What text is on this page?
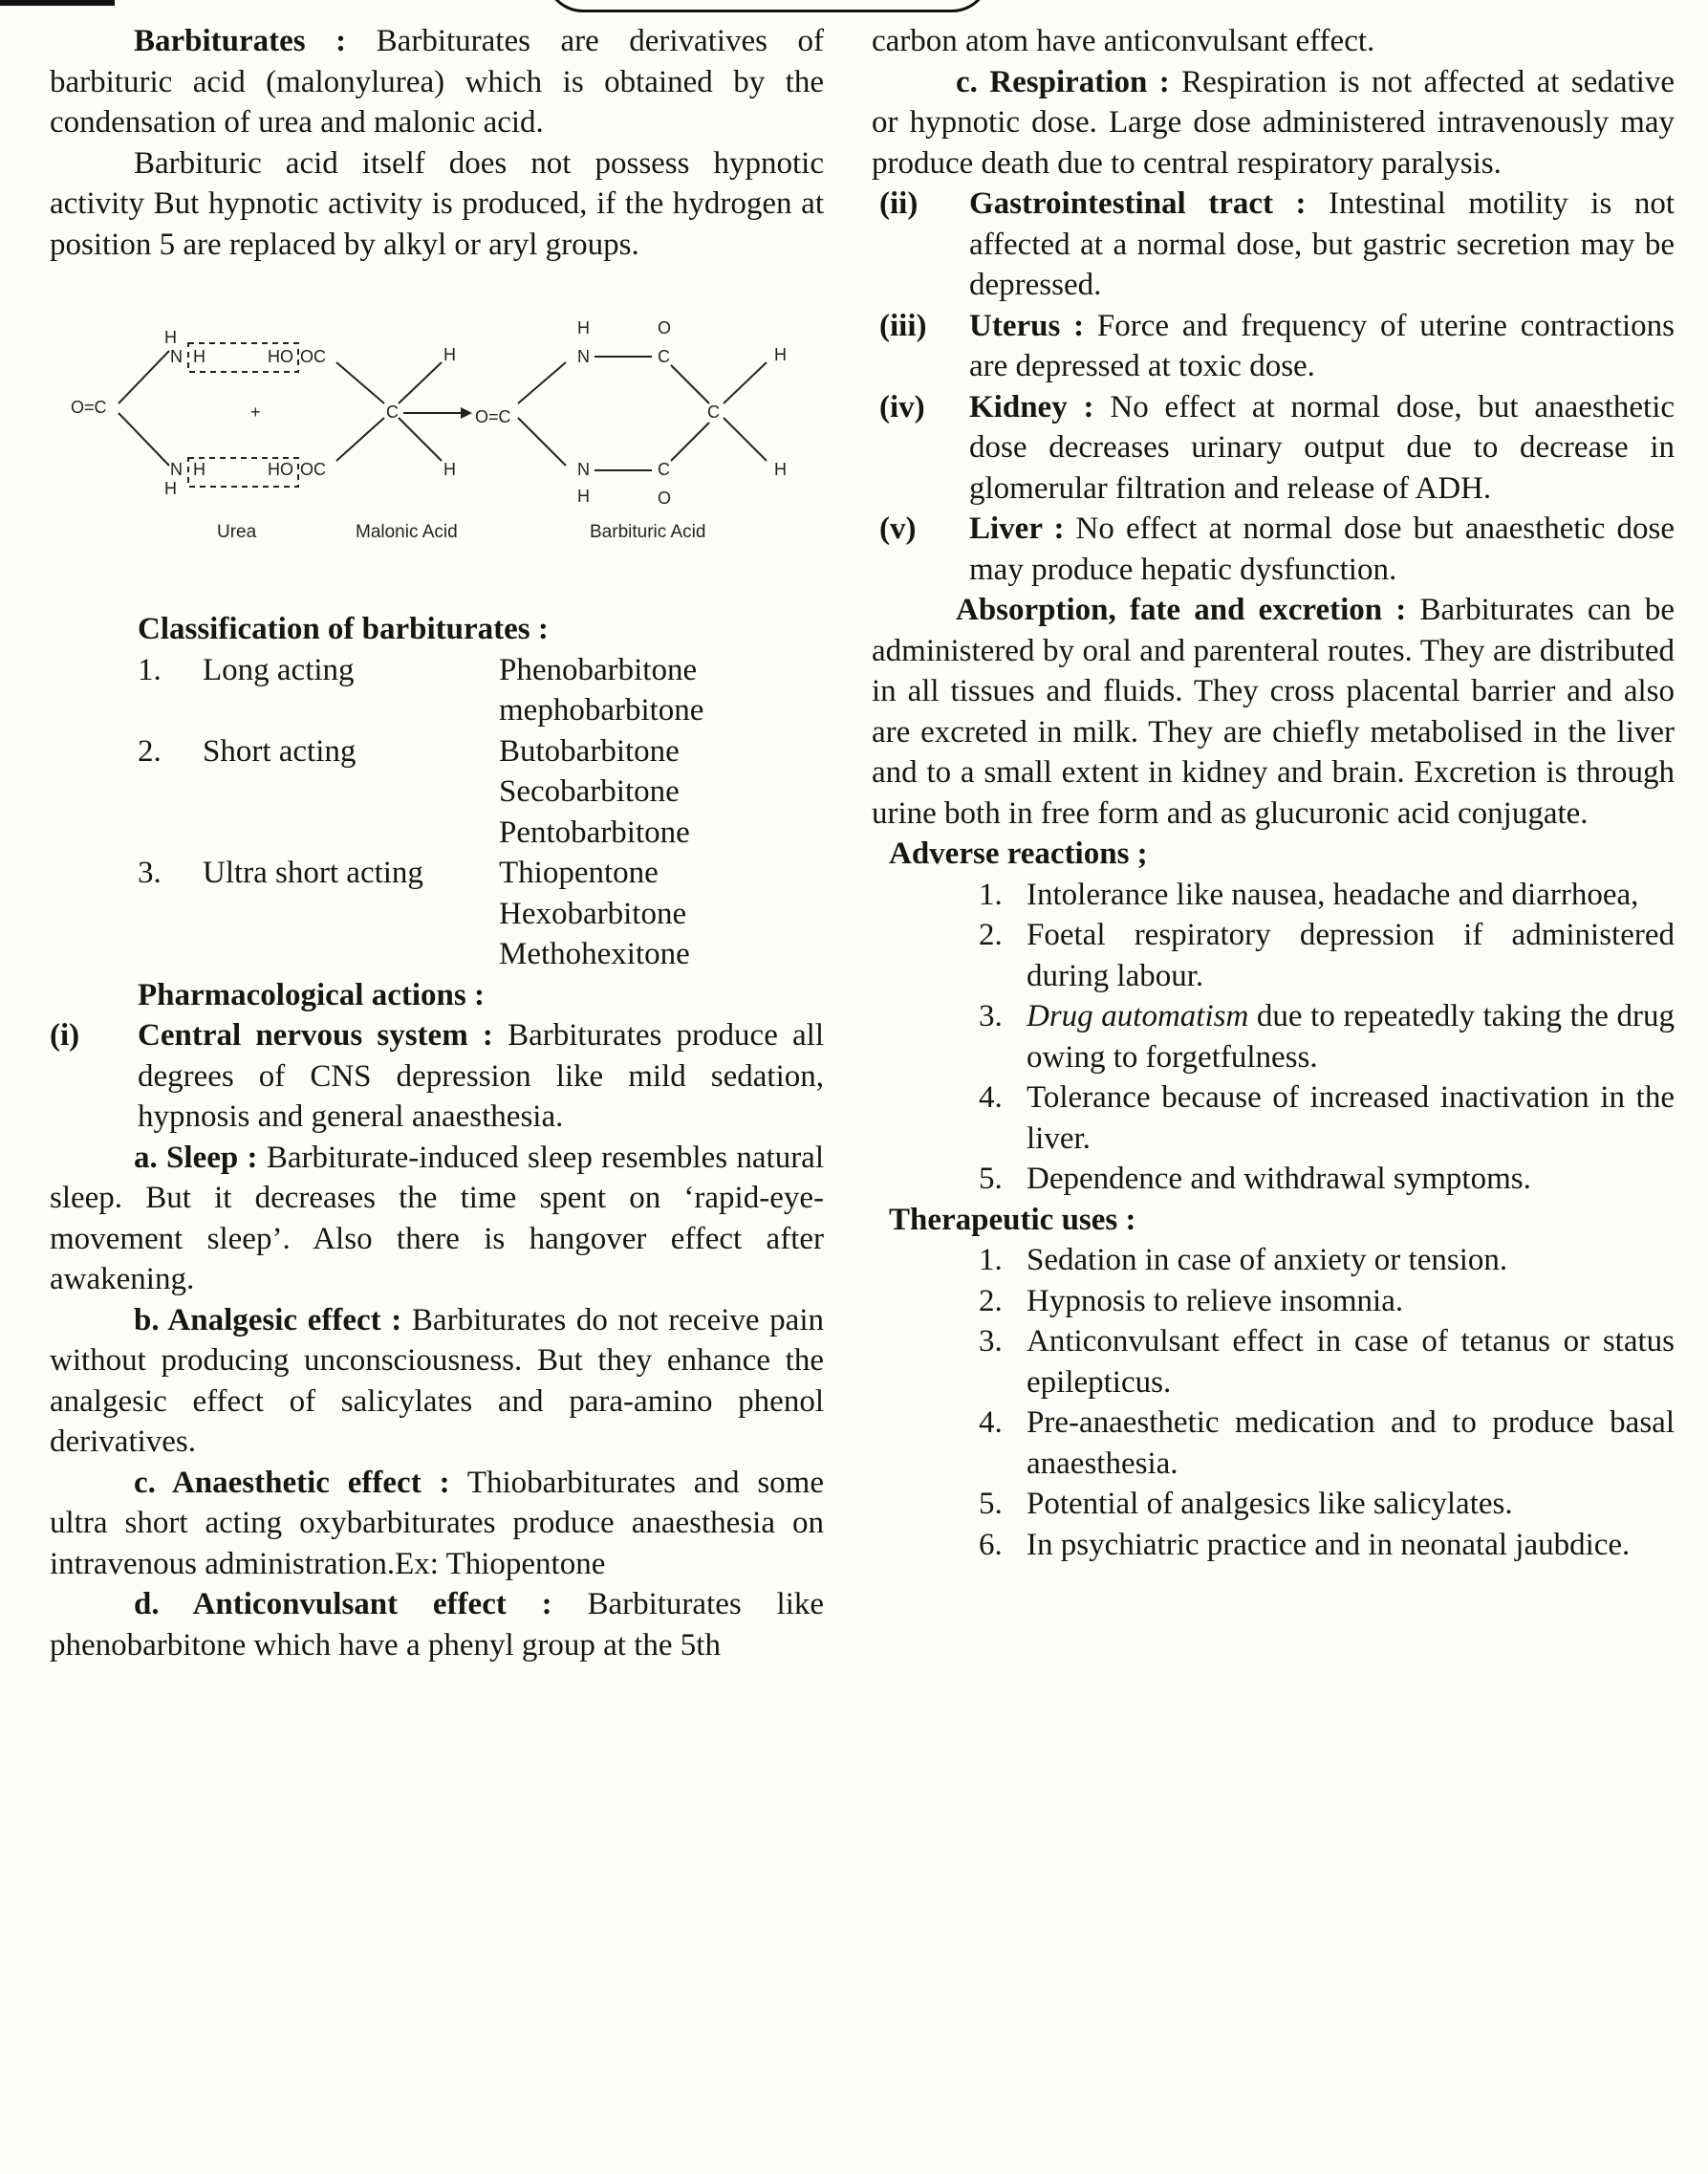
Barbiturates : Barbiturates are derivatives of barbituric acid (malonylurea) which is obtained by the condensation of urea and malonic acid.

Barbituric acid itself does not possess hypnotic activity But hypnotic activity is produced, if the hydrogen at position 5 are replaced by alkyl or aryl groups.

O=C
H
N H
N H
H
HO
HO
OC
OC
+	C
H
H
O=C
H
N	C
O
N
H
C
O
C
H
H
Urea	Malonic Acid	Barbituric Acid

Classification of barbiturates :

1.	Long acting	Phenobarbitone
mephobarbitone
2.	Short acting	Butobarbitone
Secobarbitone
Pentobarbitone
3.	Ultra short acting	Thiopentone
Hexobarbitone
Methohexitone

Pharmacological actions :

(i) Central nervous system : Barbiturates produce all degrees of CNS depression like mild sedation, hypnosis and general anaesthesia.

a. Sleep : Barbiturate-induced sleep resembles natural sleep. But it decreases the time spent on ‘rapid-eye-movement sleep’. Also there is hangover effect after awakening.

b. Analgesic effect : Barbiturates do not receive pain without producing unconsciousness. But they enhance the analgesic effect of salicylates and para-amino phenol derivatives.

c. Anaesthetic effect : Thiobarbiturates and some ultra short acting oxybarbiturates produce anaesthesia on intravenous administration.Ex: Thiopentone

d. Anticonvulsant effect : Barbiturates like phenobarbitone which have a phenyl group at the 5th

carbon atom have anticonvulsant effect.

c. Respiration : Respiration is not affected at sedative or hypnotic dose. Large dose administered intravenously may produce death due to central respiratory paralysis.

(ii) Gastrointestinal tract : Intestinal motility is not affected at a normal dose, but gastric secretion may be depressed.
(iii) Uterus : Force and frequency of uterine contractions are depressed at toxic dose.
(iv) Kidney : No effect at normal dose, but anaesthetic dose decreases urinary output due to decrease in glomerular filtration and release of ADH.
(v) Liver : No effect at normal dose but anaesthetic dose may produce hepatic dysfunction.

Absorption, fate and excretion : Barbiturates can be administered by oral and parenteral routes. They are distributed in all tissues and fluids. They cross placental barrier and also are excreted in milk. They are chiefly metabolised in the liver and to a small extent in kidney and brain. Excretion is through urine both in free form and as glucuronic acid conjugate.

Adverse reactions ;

1. Intolerance like nausea, headache and diarrhoea,
2. Foetal respiratory depression if administered during labour.
3. Drug automatism due to repeatedly taking the drug owing to forgetfulness.
4. Tolerance because of increased inactivation in the liver.
5. Dependence and withdrawal symptoms.

Therapeutic uses :

1. Sedation in case of anxiety or tension.
2. Hypnosis to relieve insomnia.
3. Anticonvulsant effect in case of tetanus or status epilepticus.
4. Pre-anaesthetic medication and to produce basal anaesthesia.
5. Potential of analgesics like salicylates.
6. In psychiatric practice and in neonatal jaubdice.
